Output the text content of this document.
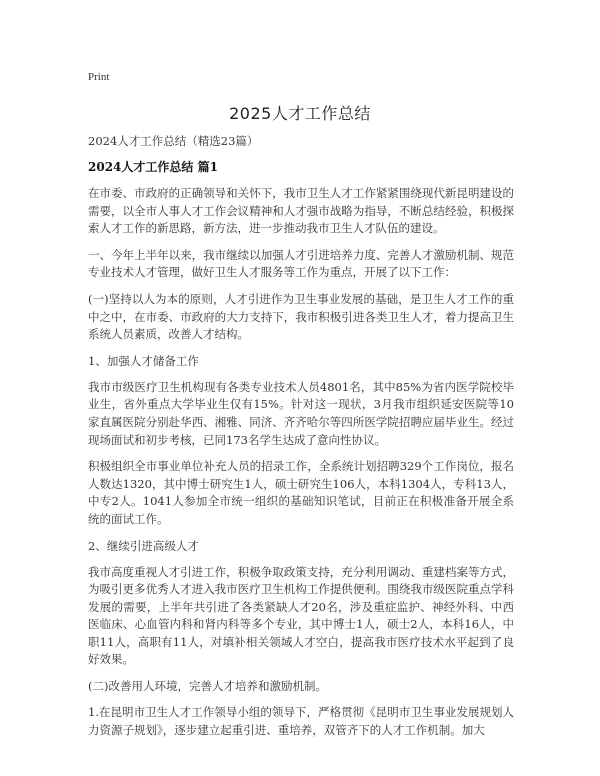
Print
2025人才工作总结

2024人才工作总结（精选23篇）

2024人才工作总结 篇1

在市委、市政府的正确领导和关怀下，我市卫生人才工作紧紧围绕现代新昆明建设的需要，以全市人事人才工作会议精神和人才强市战略为指导，不断总结经验，积极探索人才工作的新思路，新方法，进一步推动我市卫生人才队伍的建设。

一、今年上半年以来，我市继续以加强人才引进培养力度、完善人才激励机制、规范专业技术人才管理，做好卫生人才服务等工作为重点，开展了以下工作：

(一)坚持以人为本的原则，人才引进作为卫生事业发展的基础，是卫生人才工作的重中之中，在市委、市政府的大力支持下，我市积极引进各类卫生人才，着力提高卫生系统人员素质，改善人才结构。

1、加强人才储备工作

我市市级医疗卫生机构现有各类专业技术人员4801名，其中85%为省内医学院校毕业生，省外重点大学毕业生仅有15%。针对这一现状，3月我市组织延安医院等10家直属医院分别赴华西、湘雅、同济、齐齐哈尔等四所医学院招聘应届毕业生。经过现场面试和初步考核，已同173名学生达成了意向性协议。

积极组织全市事业单位补充人员的招录工作，全系统计划招聘329个工作岗位，报名人数达1320，其中博士研究生1人，硕士研究生106人，本科1304人，专科13人，中专2人。1041人参加全市统一组织的基础知识笔试，目前正在积极准备开展全系统的面试工作。

2、继续引进高级人才

我市高度重视人才引进工作，积极争取政策支持，充分利用调动、重建档案等方式，为吸引更多优秀人才进入我市医疗卫生机构工作提供便利。围绕我市级医院重点学科发展的需要，上半年共引进了各类紧缺人才20名，涉及重症监护、神经外科、中西医临床、心血管内科和肾内科等多个专业，其中博士1人，硕士2人，本科16人，中职11人，高职有11人，对填补相关领域人才空白，提高我市医疗技术水平起到了良好效果。

(二)改善用人环境，完善人才培养和激励机制。

1.在昆明市卫生人才工作领导小组的领导下，严格贯彻《昆明市卫生事业发展规划人力资源子规划》，逐步建立起重引进、重培养，双管齐下的人才工作机制。加大
